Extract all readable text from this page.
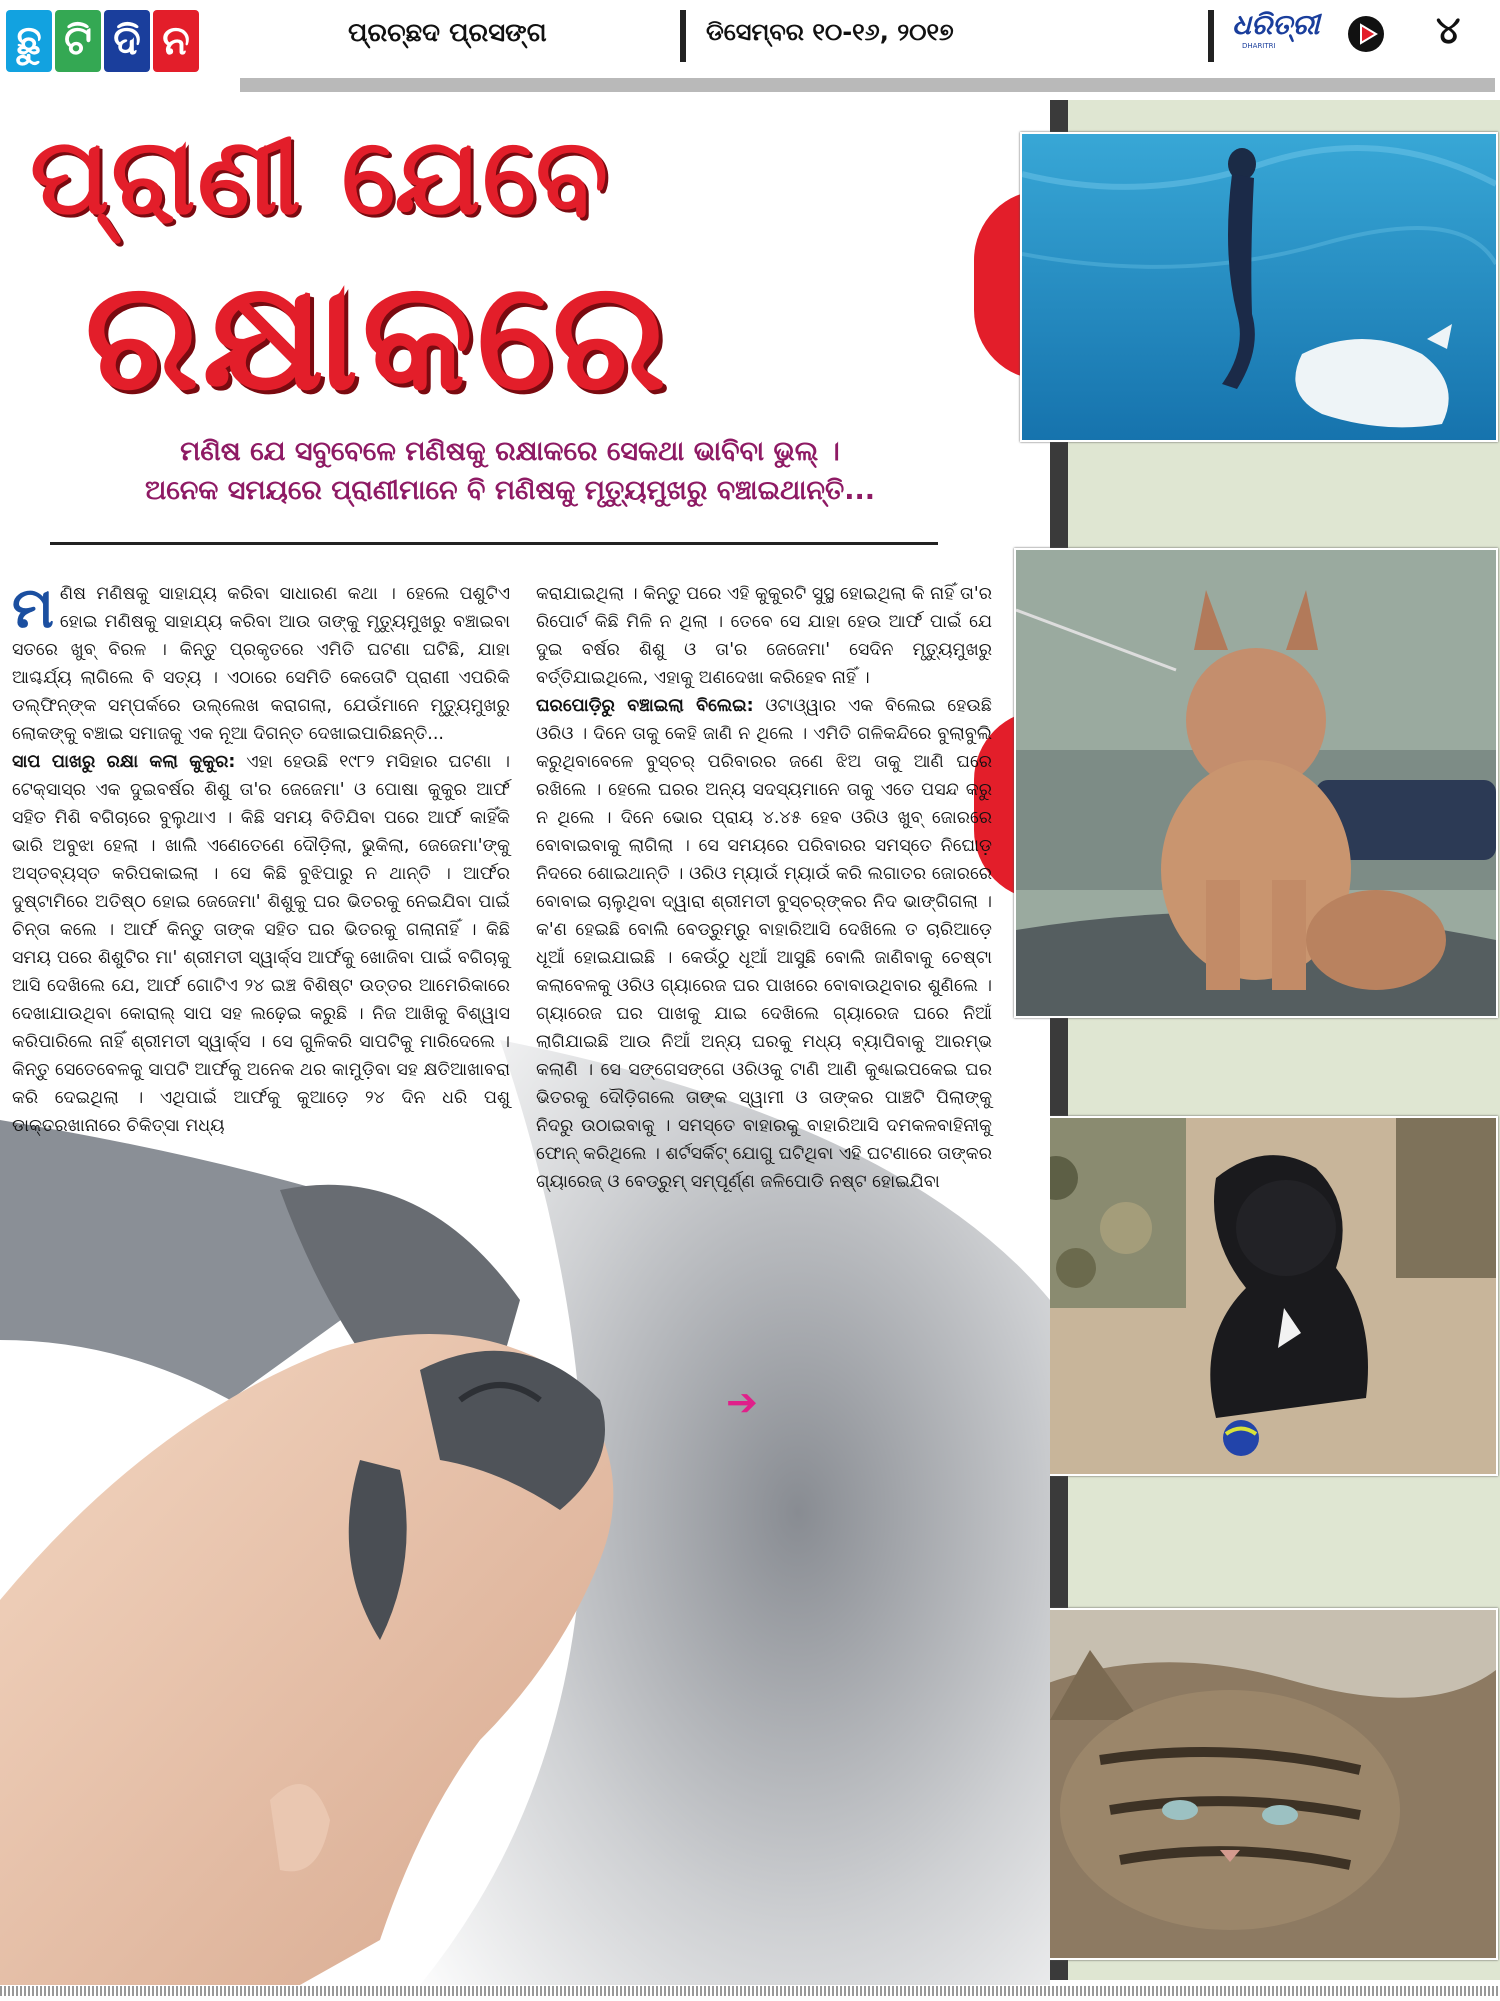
ଛୁ ଟି ଦି ନ	ପ୍ରଚ୍ଛଦ ପ୍ରସଙ୍ଗ	ଡିସେମ୍ବର ୧୦-୧୬, ୨୦୧୭	ଧରିତ୍ରୀ
DHARITRI	୪
ପ୍ରାଣୀ ଯେବେ
ରକ୍ଷାକରେ
ମଣିଷ ଯେ ସବୁବେଳେ ମଣିଷକୁ ରକ୍ଷାକରେ ସେକଥା ଭାବିବା ଭୁଲ୍ ।
ଅନେକ ସମୟରେ ପ୍ରାଣୀମାନେ ବି ମଣିଷକୁ ମୃତ୍ୟୁମୁଖରୁ ବଞ୍ଚାଇଥାନ୍ତି...

ମଣିଷ ମଣିଷକୁ ସାହାଯ୍ୟ କରିବା ସାଧାରଣ କଥା । ହେଲେ ପଶୁଟିଏ ହୋଇ ମଣିଷକୁ ସାହାଯ୍ୟ କରିବା ଆଉ ତାଙ୍କୁ ମୃତ୍ୟୁମୁଖରୁ ବଞ୍ଚାଇବା ସତରେ ଖୁବ୍ ବିରଳ । କିନ୍ତୁ ପ୍ରକୃତରେ ଏମିତି ଘଟଣା ଘଟିଛି, ଯାହା ଆଶ୍ଚର୍ଯ୍ୟ ଲାଗିଲେ ବି ସତ୍ୟ । ଏଠାରେ ସେମିତି କେତୋଟି ପ୍ରାଣୀ ଏପରିକି ଡଲ୍‌ଫିନ୍‌ଙ୍କ ସମ୍ପର୍କରେ ଉଲ୍ଲେଖ କରାଗଲା, ଯେଉଁମାନେ ମୃତ୍ୟୁମୁଖରୁ ଲୋକଙ୍କୁ ବଞ୍ଚାଇ ସମାଜକୁ ଏକ ନୂଆ ଦିଗନ୍ତ ଦେଖାଇପାରିଛନ୍ତି...

ସାପ ପାଖରୁ ରକ୍ଷା କଲା କୁକୁର: ଏହା ହେଉଛି ୧୯୮୨ ମସିହାର ଘଟଣା । ଟେକ୍ସାସ୍‌ର ଏକ ଦୁଇବର୍ଷର ଶିଶୁ ତା'ର ଜେଜେମା' ଓ ପୋଷା କୁକୁର ଆର୍ଫ ସହିତ ମିଶି ବଗିଚାରେ ବୁଲୁଥାଏ । କିଛି ସମୟ ବିତିଯିବା ପରେ ଆର୍ଫ କାହିଁକି ଭାରି ଅବୁଝା ହେଲା । ଖାଲି ଏଣେତେଣେ ଦୌଡ଼ିଲା, ଭୁକିଲା, ଜେଜେମା'ଙ୍କୁ ଅସ୍ତବ୍ୟସ୍ତ କରିପକାଇଲା । ସେ କିଛି ବୁଝିପାରୁ ନ ଥାନ୍ତି । ଆର୍ଫର ଦୁଷ୍ଟାମିରେ ଅତିଷ୍ଠ ହୋଇ ଜେଜେମା' ଶିଶୁକୁ ଘର ଭିତରକୁ ନେଇଯିବା ପାଇଁ ଚିନ୍ତା କଲେ । ଆର୍ଫ କିନ୍ତୁ ତାଙ୍କ ସହିତ ଘର ଭିତରକୁ ଗଲାନାହିଁ । କିଛି ସମୟ ପରେ ଶିଶୁଟିର ମା' ଶ୍ରୀମତୀ ସ୍ୱାର୍କ୍ସ ଆର୍ଫକୁ ଖୋଜିବା ପାଇଁ ବଗିଚାକୁ ଆସି ଦେଖିଲେ ଯେ, ଆର୍ଫ ଗୋଟିଏ ୨୪ ଇଞ୍ଚ ବିଶିଷ୍ଟ ଉତ୍ତର ଆମେରିକାରେ ଦେଖାଯାଉଥିବା କୋରାଲ୍ ସାପ ସହ ଲଢ଼େଇ କରୁଛି । ନିଜ ଆଖିକୁ ବିଶ୍ୱାସ କରିପାରିଲେ ନାହିଁ ଶ୍ରୀମତୀ ସ୍ୱାର୍କ୍ସ । ସେ ଗୁଳିକରି ସାପଟିକୁ ମାରିଦେଲେ । କିନ୍ତୁ ସେତେବେଳକୁ ସାପଟି ଆର୍ଫକୁ ଅନେକ ଥର କାମୁଡ଼ିବା ସହ କ୍ଷତିଆଖାବରା କରି ଦେଇଥିଲା । ଏଥିପାଇଁ ଆର୍ଫକୁ କୁଆଡ଼େ ୨୪ ଦିନ ଧରି ପଶୁ ଡାକ୍ତରଖାନାରେ ଚିକିତ୍ସା ମଧ୍ୟ

କରାଯାଇଥିଲା । କିନ୍ତୁ ପରେ ଏହି କୁକୁରଟି ସୁସ୍ଥ ହୋଇଥିଲା କି ନାହିଁ ତା'ର ରିପୋର୍ଟ କିଛି ମିଳି ନ ଥିଲା । ତେବେ ସେ ଯାହା ହେଉ ଆର୍ଫ ପାଇଁ ଯେ ଦୁଇ ବର୍ଷର ଶିଶୁ ଓ ତା'ର ଜେଜେମା' ସେଦିନ ମୃତ୍ୟୁମୁଖରୁ ବର୍ତ୍ତିଯାଇଥିଲେ, ଏହାକୁ ଅଣଦେଖା କରିହେବ ନାହିଁ ।

ଘରପୋଡ଼ିରୁ ବଞ୍ଚାଇଲା ବିଲେଇ: ଓଟାଓ୍ୱାର ଏକ ବିଲେଇ ହେଉଛି ଓରିଓ । ଦିନେ ତାକୁ କେହି ଜାଣି ନ ଥିଲେ । ଏମିତି ଗଳିକନ୍ଦିରେ ବୁଲାବୁଲି କରୁଥିବାବେଳେ ବୁସ୍‌ଚର୍ ପରିବାରର ଜଣେ ଝିଅ ତାକୁ ଆଣି ଘରେ ରଖିଲେ । ହେଲେ ଘରର ଅନ୍ୟ ସଦସ୍ୟମାନେ ତାକୁ ଏତେ ପସନ୍ଦ କରୁ ନ ଥିଲେ । ଦିନେ ଭୋର ପ୍ରାୟ ୪.୪୫ ହେବ ଓରିଓ ଖୁବ୍ ଜୋରରେ ବୋବାଇବାକୁ ଲାଗିଲା । ସେ ସମୟରେ ପରିବାରର ସମସ୍ତେ ନିଘୋଡ଼ ନିଦରେ ଶୋଇଥାନ୍ତି । ଓରିଓ ମ୍ୟାଉଁ ମ୍ୟାଉଁ କରି ଲଗାତର ଜୋରରେ ବୋବାଇ ଚାଲୁଥିବା ଦ୍ୱାରା ଶ୍ରୀମତୀ ବୁସ୍‌ଚର୍‌ଙ୍କର ନିଦ ଭାଙ୍ଗିଗଲା । କ'ଣ ହେଇଛି ବୋଲି ବେଡ୍‌ରୁମ୍‌ରୁ ବାହାରିଆସି ଦେଖିଲେ ତ ଚାରିଆଡ଼େ ଧୂଆଁ ହୋଇଯାଇଛି । କେଉଁଠୁ ଧୂଆଁ ଆସୁଛି ବୋଲି ଜାଣିବାକୁ ଚେଷ୍ଟା କଲାବେଳକୁ ଓରିଓ ଗ୍ୟାରେଜ ଘର ପାଖରେ ବୋବାଉଥିବାର ଶୁଣିଲେ । ଗ୍ୟାରେଜ ଘର ପାଖକୁ ଯାଇ ଦେଖିଲେ ଗ୍ୟାରେଜ ଘରେ ନିଆଁ ଲାଗିଯାଇଛି ଆଉ ନିଆଁ ଅନ୍ୟ ଘରକୁ ମଧ୍ୟ ବ୍ୟାପିବାକୁ ଆରମ୍ଭ କଲାଣି । ସେ ସଙ୍ଗେସଙ୍ଗେ ଓରିଓକୁ ଟାଣି ଆଣି କୁଣ୍ଢାଇପକେଇ ଘର ଭିତରକୁ ଦୌଡ଼ିଗଲେ ତାଙ୍କ ସ୍ୱାମୀ ଓ ତାଙ୍କର ପାଞ୍ଚଟି ପିଲାଙ୍କୁ ନିଦରୁ ଉଠାଇବାକୁ । ସମସ୍ତେ ବାହାରକୁ ବାହାରିଆସି ଦମକଳବାହିନୀକୁ ଫୋନ୍ କରିଥିଲେ । ଶର୍ଟସର୍କିଟ୍ ଯୋଗୁ ଘଟିଥିବା ଏହି ଘଟଣାରେ ତାଙ୍କର ଗ୍ୟାରେଜ୍ ଓ ବେଡ୍‌ରୁମ୍ ସମ୍ପୂର୍ଣ୍ଣ ଜଳିପୋଡି ନଷ୍ଟ ହୋଇଯିବା

➔
